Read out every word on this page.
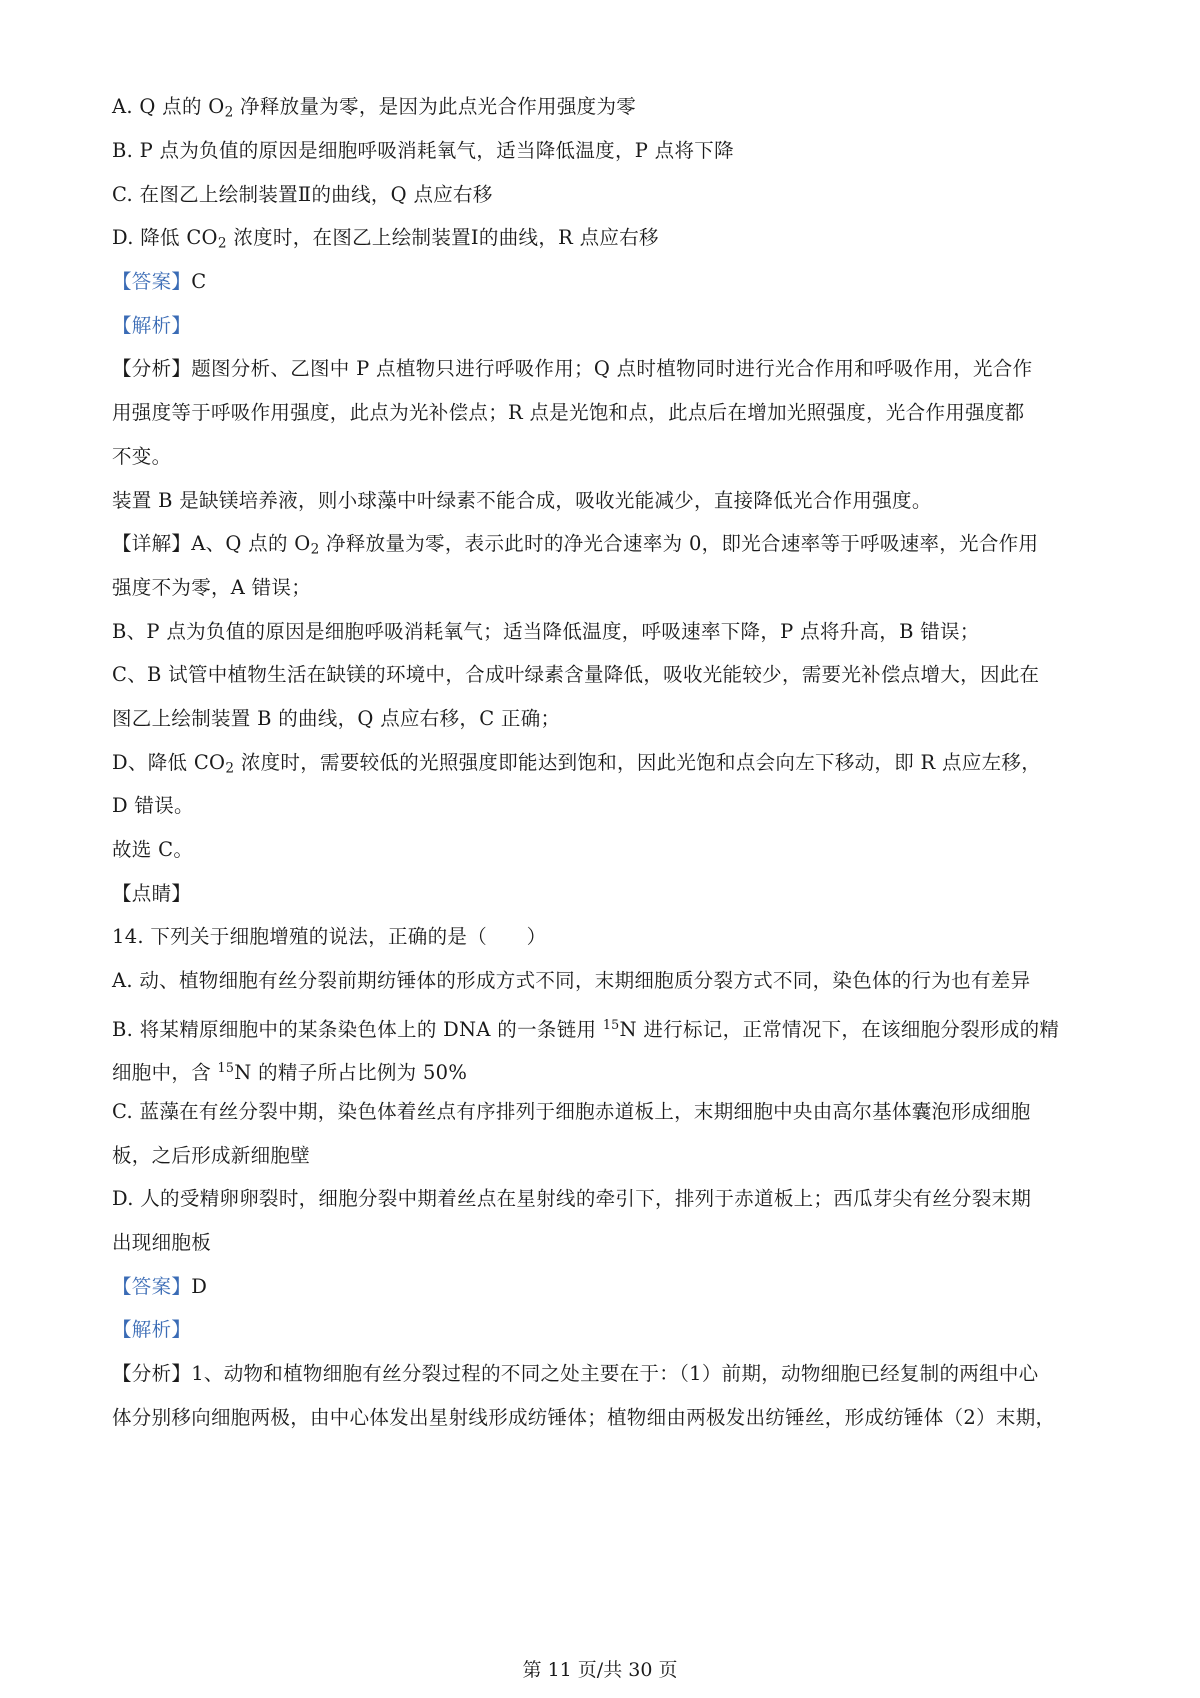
A. Q 点的 $O_2$ 净释放量为零，是因为此点光合作用强度为零
B. P 点为负值的原因是细胞呼吸消耗氧气，适当降低温度，P 点将下降
C. 在图乙上绘制装置Ⅱ的曲线，Q 点应右移
D. 降低 $CO_2$ 浓度时，在图乙上绘制装置Ⅰ的曲线，R 点应右移
【答案】C
【解析】
【分析】题图分析、乙图中 P 点植物只进行呼吸作用；Q 点时植物同时进行光合作用和呼吸作用，光合作
用强度等于呼吸作用强度，此点为光补偿点；R 点是光饱和点，此点后在增加光照强度，光合作用强度都
不变。
装置 B 是缺镁培养液，则小球藻中叶绿素不能合成，吸收光能减少，直接降低光合作用强度。
【详解】A、Q 点的 $O_2$ 净释放量为零，表示此时的净光合速率为 0，即光合速率等于呼吸速率，光合作用
强度不为零，A 错误；
B、P 点为负值的原因是细胞呼吸消耗氧气；适当降低温度，呼吸速率下降，P 点将升高，B 错误；
C、B 试管中植物生活在缺镁的环境中，合成叶绿素含量降低，吸收光能较少，需要光补偿点增大，因此在
图乙上绘制装置 B 的曲线，Q 点应右移，C 正确；
D、降低 $CO_2$ 浓度时，需要较低的光照强度即能达到饱和，因此光饱和点会向左下移动，即 R 点应左移，
D 错误。
故选 C。
【点睛】
14. 下列关于细胞增殖的说法，正确的是（　　）
A. 动、植物细胞有丝分裂前期纺锤体的形成方式不同，末期细胞质分裂方式不同，染色体的行为也有差异
B. 将某精原细胞中的某条染色体上的 DNA 的一条链用 $^{15}$N 进行标记，正常情况下，在该细胞分裂形成的精
细胞中，含 $^{15}$N 的精子所占比例为 50%
C. 蓝藻在有丝分裂中期，染色体着丝点有序排列于细胞赤道板上，末期细胞中央由高尔基体囊泡形成细胞
板，之后形成新细胞壁
D. 人的受精卵卵裂时，细胞分裂中期着丝点在星射线的牵引下，排列于赤道板上；西瓜芽尖有丝分裂末期
出现细胞板
【答案】D
【解析】
【分析】1、动物和植物细胞有丝分裂过程的不同之处主要在于：（1）前期，动物细胞已经复制的两组中心
体分别移向细胞两极，由中心体发出星射线形成纺锤体；植物细由两极发出纺锤丝，形成纺锤体（2）末期，
第 11 页/共 30 页
